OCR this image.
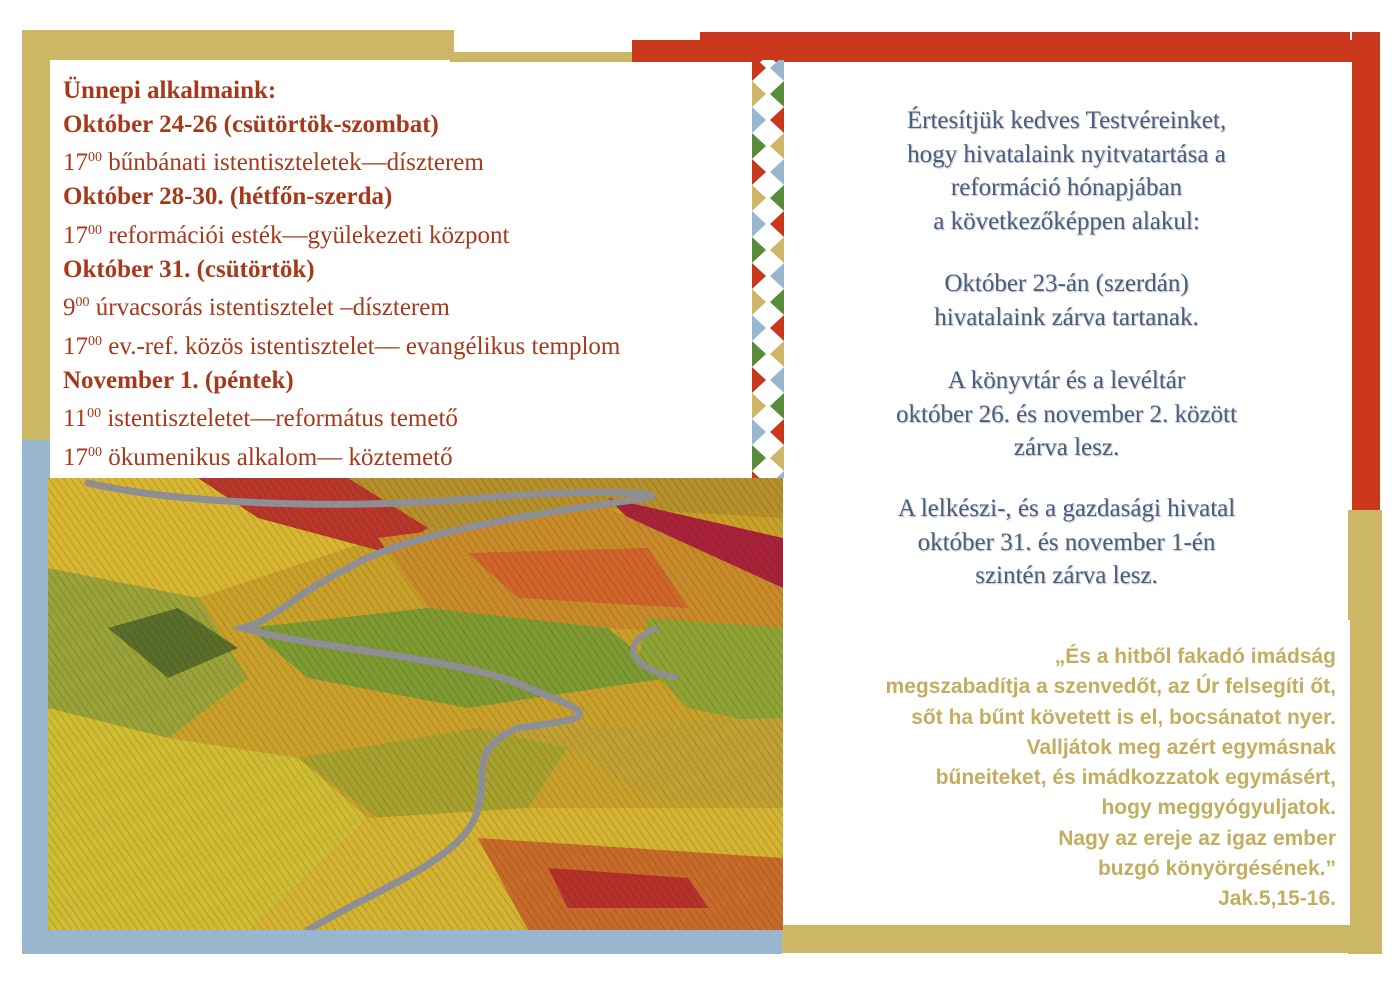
Ünnepi alkalmaink:
Október 24-26 (csütörtök-szombat)
$17^{00}$ bűnbánati istentiszteletek—díszterem
Október 28-30. (hétfőn-szerda)
$17^{00}$ reformációi esték—gyülekezeti központ
Október 31. (csütörtök)
$9^{00}$ úrvacsorás istentisztelet –díszterem
$17^{00}$ ev.-ref. közös istentisztelet— evangélikus templom
November 1. (péntek)
$11^{00}$ istentiszteletet—református temető
$17^{00}$ ökumenikus alkalom— köztemető

Értesítjük kedves Testvéreinket,
hogy hivatalaink nyitvatartása a
reformáció hónapjában
a következőképpen alakul:

Október 23-án (szerdán)
hivatalaink zárva tartanak.

A könyvtár és a levéltár
október 26. és november 2. között
zárva lesz.

A lelkészi-, és a gazdasági hivatal
október 31. és november 1-én
szintén zárva lesz.

„És a hitből fakadó imádság
megszabadítja a szenvedőt, az Úr felsegíti őt,
sőt ha bűnt követett is el, bocsánatot nyer.
Valljátok meg azért egymásnak
bűneiteket, és imádkozzatok egymásért,
hogy meggyógyuljatok.
Nagy az ereje az igaz ember
buzgó könyörgésének.”
Jak.5,15-16.
